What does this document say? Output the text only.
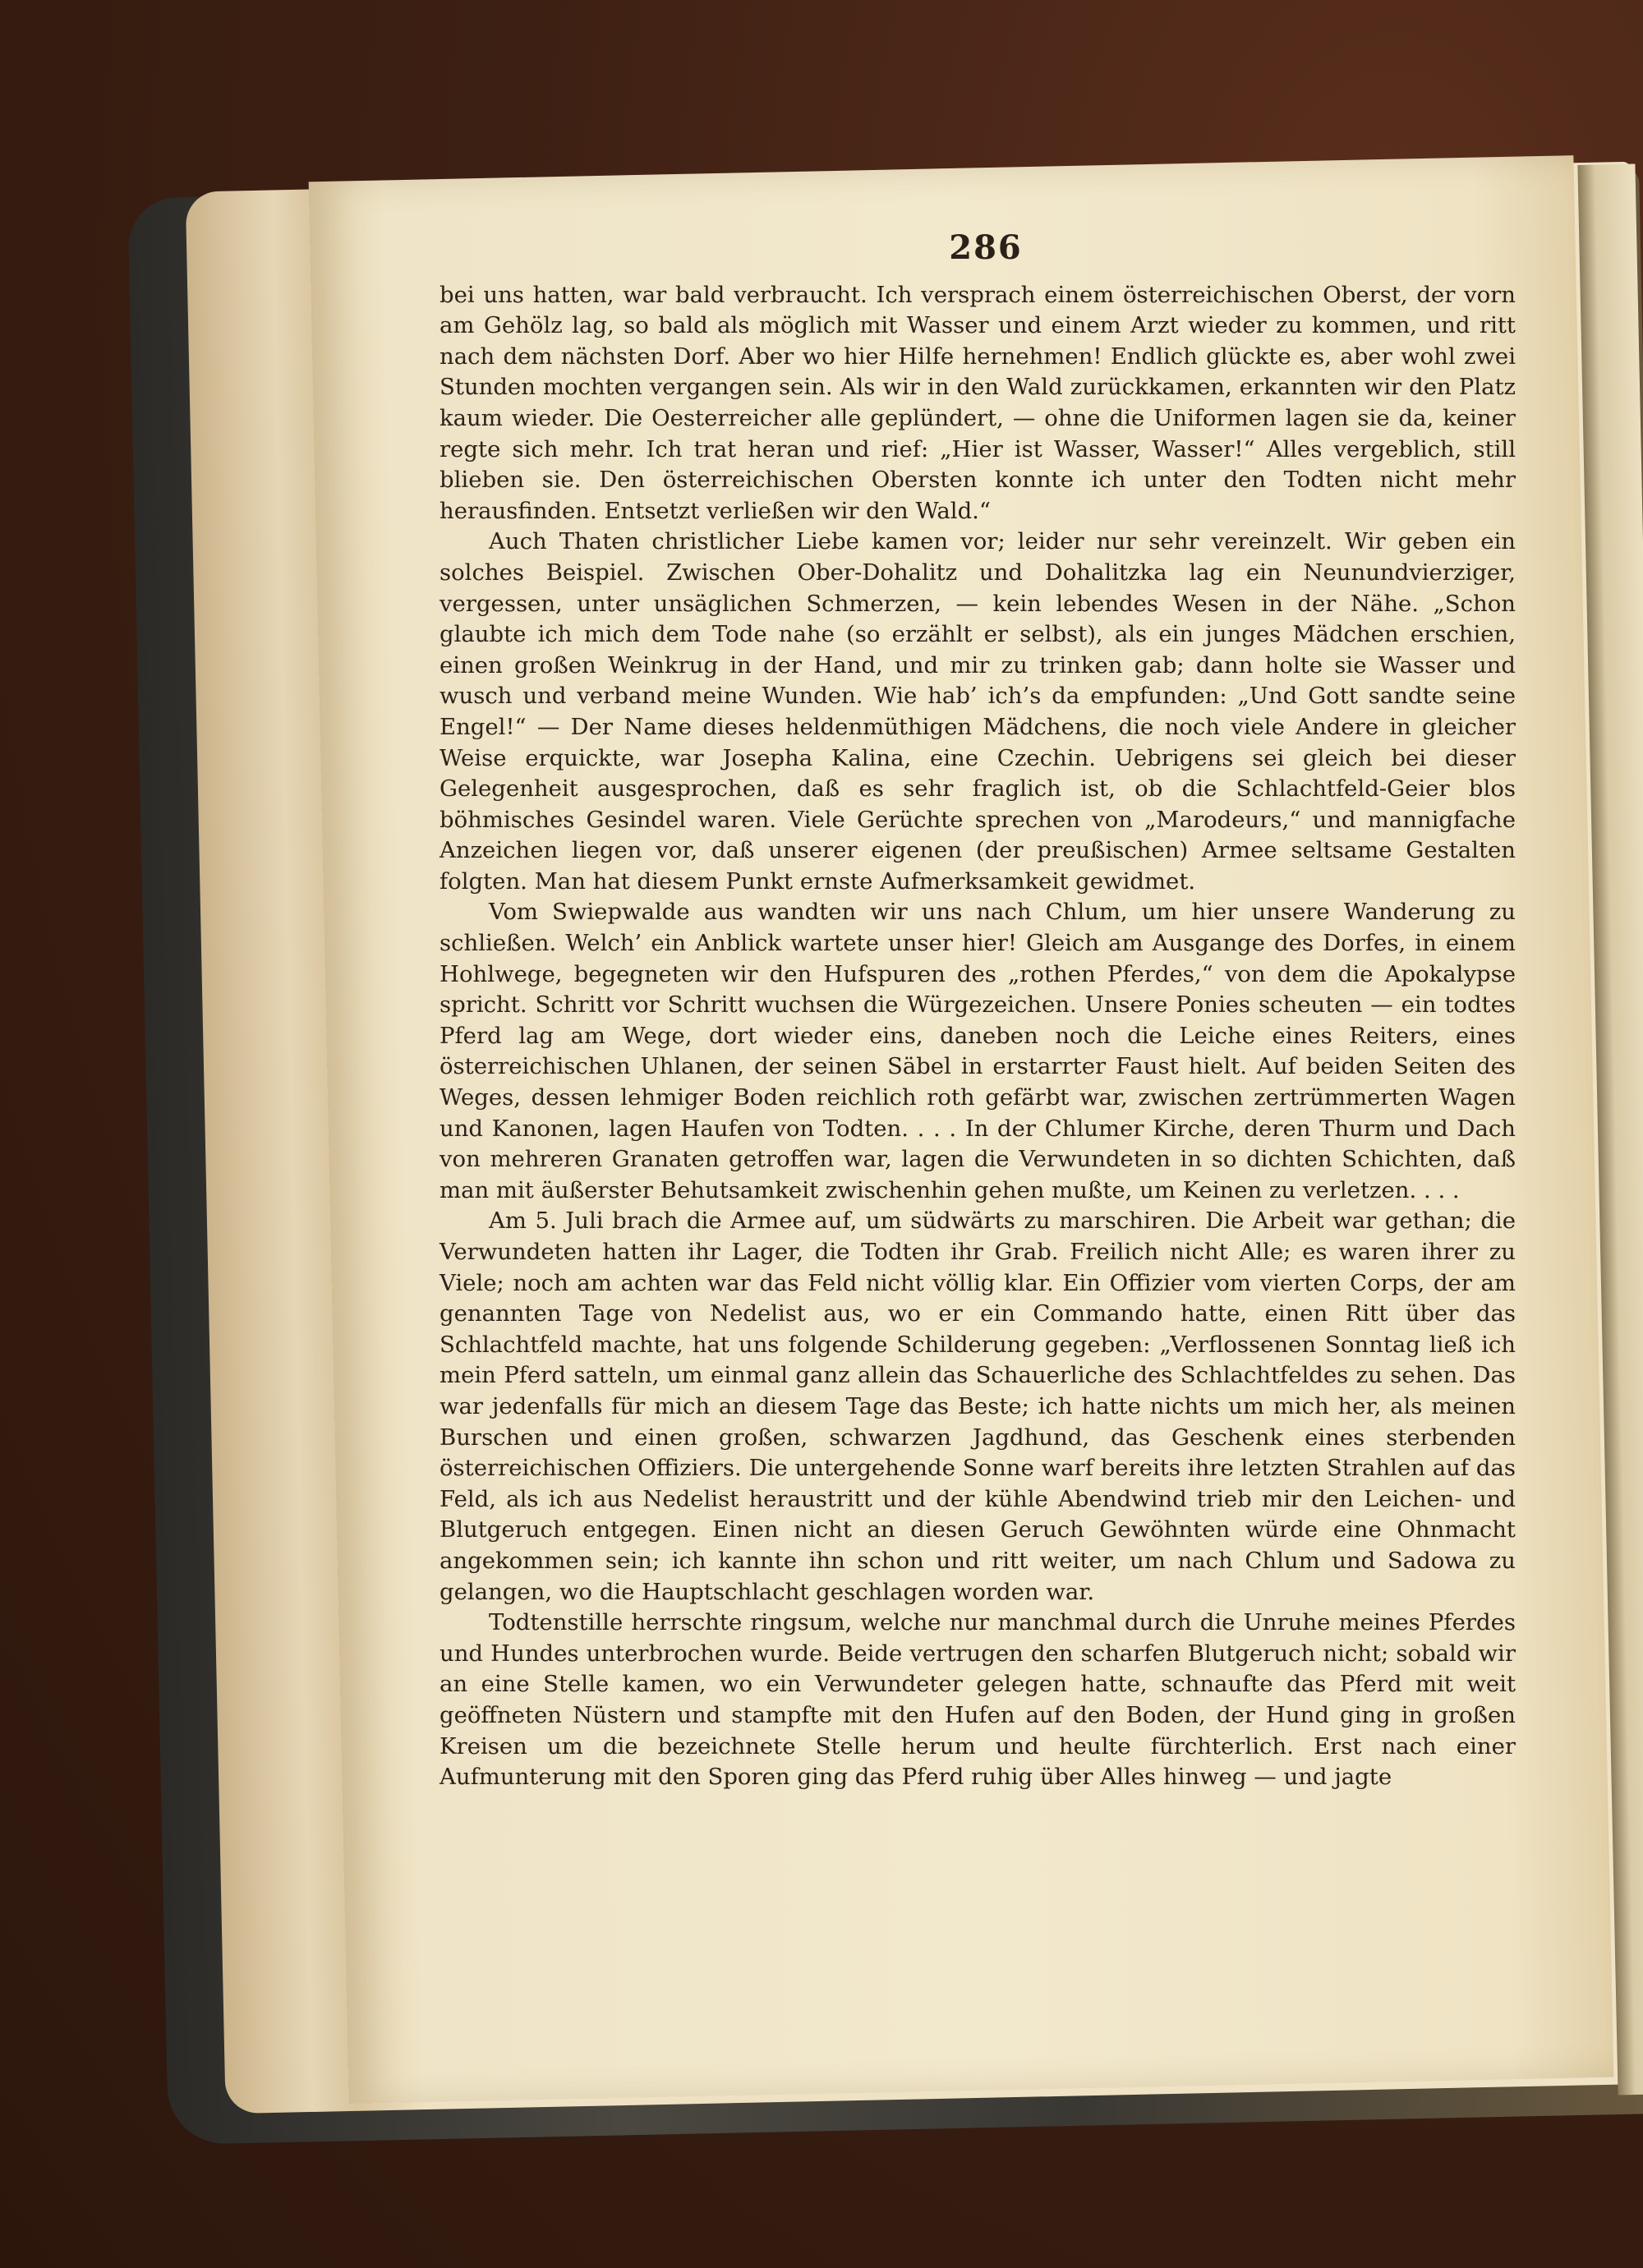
286

bei uns hatten, war bald verbraucht. Ich versprach einem österreichischen Oberst, der vorn am Gehölz lag, so bald als möglich mit Wasser und einem Arzt wieder zu kommen, und ritt nach dem nächsten Dorf. Aber wo hier Hilfe hernehmen! Endlich glückte es, aber wohl zwei Stunden mochten vergangen sein. Als wir in den Wald zurückkamen, erkannten wir den Platz kaum wieder. Die Oesterreicher alle geplündert, — ohne die Uniformen lagen sie da, keiner regte sich mehr. Ich trat heran und rief: „Hier ist Wasser, Wasser!“ Alles vergeblich, still blieben sie. Den österreichischen Obersten konnte ich unter den Todten nicht mehr herausfinden. Entsetzt verließen wir den Wald.“

Auch Thaten christlicher Liebe kamen vor; leider nur sehr vereinzelt. Wir geben ein solches Beispiel. Zwischen Ober-Dohalitz und Dohalitzka lag ein Neunundvierziger, vergessen, unter unsäglichen Schmerzen, — kein lebendes Wesen in der Nähe. „Schon glaubte ich mich dem Tode nahe (so erzählt er selbst), als ein junges Mädchen erschien, einen großen Weinkrug in der Hand, und mir zu trinken gab; dann holte sie Wasser und wusch und verband meine Wunden. Wie hab’ ich’s da empfunden: „Und Gott sandte seine Engel!“ — Der Name dieses heldenmüthigen Mädchens, die noch viele Andere in gleicher Weise erquickte, war Josepha Kalina, eine Czechin. Uebrigens sei gleich bei dieser Gelegenheit ausgesprochen, daß es sehr fraglich ist, ob die Schlachtfeld-Geier blos böhmisches Gesindel waren. Viele Gerüchte sprechen von „Marodeurs,“ und mannigfache Anzeichen liegen vor, daß unserer eigenen (der preußischen) Armee seltsame Gestalten folgten. Man hat diesem Punkt ernste Aufmerksamkeit gewidmet.

Vom Swiepwalde aus wandten wir uns nach Chlum, um hier unsere Wanderung zu schließen. Welch’ ein Anblick wartete unser hier! Gleich am Ausgange des Dorfes, in einem Hohlwege, begegneten wir den Hufspuren des „rothen Pferdes,“ von dem die Apokalypse spricht. Schritt vor Schritt wuchsen die Würgezeichen. Unsere Ponies scheuten — ein todtes Pferd lag am Wege, dort wieder eins, daneben noch die Leiche eines Reiters, eines österreichischen Uhlanen, der seinen Säbel in erstarrter Faust hielt. Auf beiden Seiten des Weges, dessen lehmiger Boden reichlich roth gefärbt war, zwischen zertrümmerten Wagen und Kanonen, lagen Haufen von Todten. . . . In der Chlumer Kirche, deren Thurm und Dach von mehreren Granaten getroffen war, lagen die Verwundeten in so dichten Schichten, daß man mit äußerster Behutsamkeit zwischenhin gehen mußte, um Keinen zu verletzen. . . .

Am 5. Juli brach die Armee auf, um südwärts zu marschiren. Die Arbeit war gethan; die Verwundeten hatten ihr Lager, die Todten ihr Grab. Freilich nicht Alle; es waren ihrer zu Viele; noch am achten war das Feld nicht völlig klar. Ein Offizier vom vierten Corps, der am genannten Tage von Nedelist aus, wo er ein Commando hatte, einen Ritt über das Schlachtfeld machte, hat uns folgende Schilderung gegeben: „Verflossenen Sonntag ließ ich mein Pferd satteln, um einmal ganz allein das Schauerliche des Schlachtfeldes zu sehen. Das war jedenfalls für mich an diesem Tage das Beste; ich hatte nichts um mich her, als meinen Burschen und einen großen, schwarzen Jagdhund, das Geschenk eines sterbenden österreichischen Offiziers. Die untergehende Sonne warf bereits ihre letzten Strahlen auf das Feld, als ich aus Nedelist heraustritt und der kühle Abendwind trieb mir den Leichen- und Blutgeruch entgegen. Einen nicht an diesen Geruch Gewöhnten würde eine Ohnmacht angekommen sein; ich kannte ihn schon und ritt weiter, um nach Chlum und Sadowa zu gelangen, wo die Hauptschlacht geschlagen worden war.

Todtenstille herrschte ringsum, welche nur manchmal durch die Unruhe meines Pferdes und Hundes unterbrochen wurde. Beide vertrugen den scharfen Blutgeruch nicht; sobald wir an eine Stelle kamen, wo ein Verwundeter gelegen hatte, schnaufte das Pferd mit weit geöffneten Nüstern und stampfte mit den Hufen auf den Boden, der Hund ging in großen Kreisen um die bezeichnete Stelle herum und heulte fürchterlich. Erst nach einer Aufmunterung mit den Sporen ging das Pferd ruhig über Alles hinweg — und jagte
